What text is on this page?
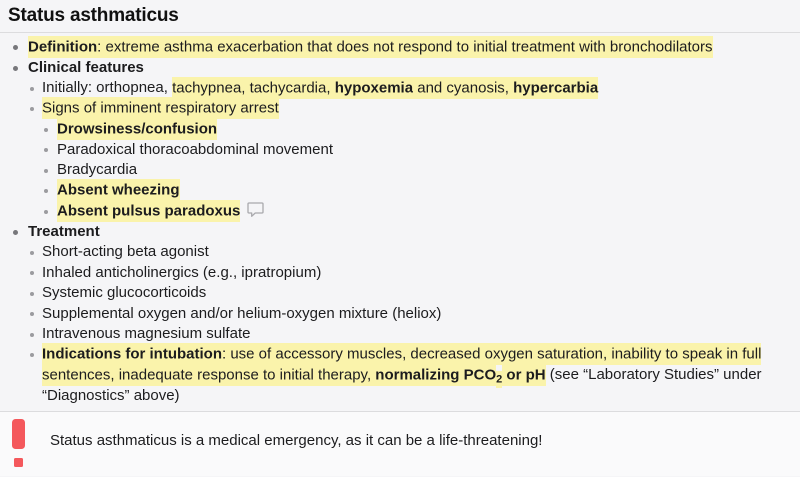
Status asthmaticus
Definition: extreme asthma exacerbation that does not respond to initial treatment with bronchodilators
Clinical features
Initially: orthopnea, tachypnea, tachycardia, hypoxemia and cyanosis, hypercarbia
Signs of imminent respiratory arrest
Drowsiness/confusion
Paradoxical thoracoabdominal movement
Bradycardia
Absent wheezing
Absent pulsus paradoxus
Treatment
Short-acting beta agonist
Inhaled anticholinergics (e.g., ipratropium)
Systemic glucocorticoids
Supplemental oxygen and/or helium-oxygen mixture (heliox)
Intravenous magnesium sulfate
Indications for intubation: use of accessory muscles, decreased oxygen saturation, inability to speak in full sentences, inadequate response to initial therapy, normalizing $PCO_2$ or pH (see “Laboratory Studies” under “Diagnostics” above)

Status asthmaticus is a medical emergency, as it can be a life-threatening!
